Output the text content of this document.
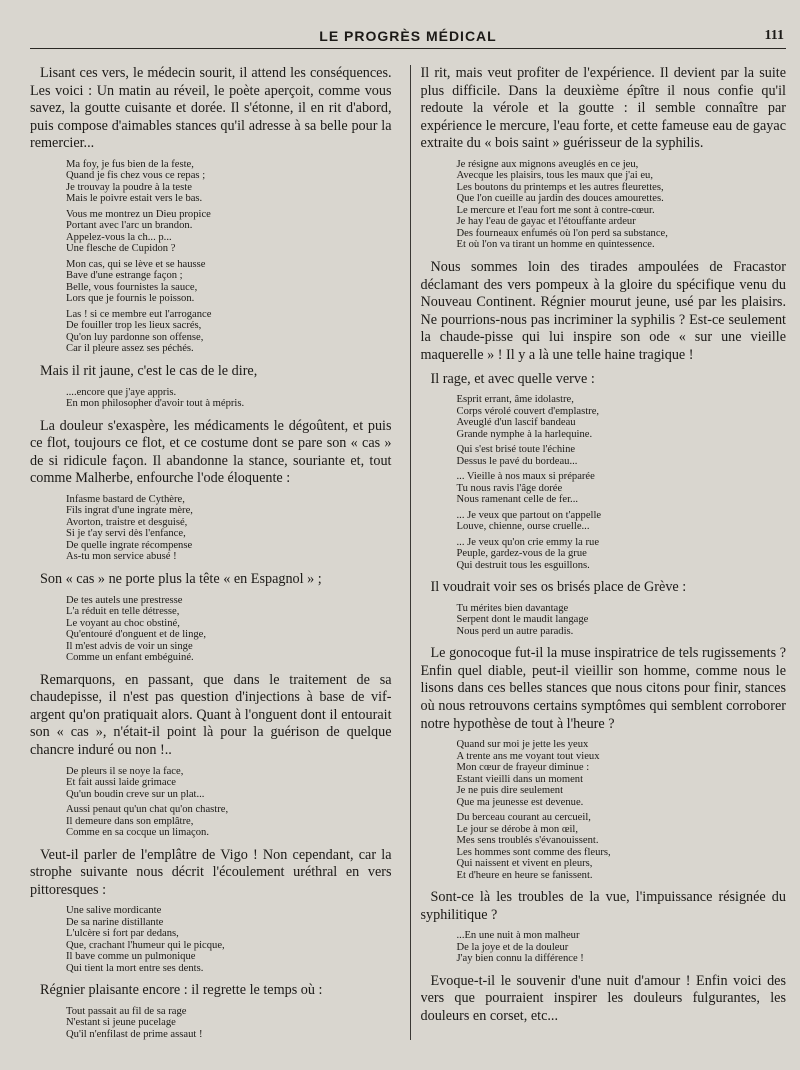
LE PROGRÈS MÉDICAL	111

Lisant ces vers, le médecin sourit, il attend les conséquences. Les voici : Un matin au réveil, le poète aperçoit, comme vous savez, la goutte cuisante et dorée. Il s'étonne, il en rit d'abord, puis compose d'aimables stances qu'il adresse à sa belle pour la remercier...

Ma foy, je fus bien de la feste,
Quand je fis chez vous ce repas ;
Je trouvay la poudre à la teste
Mais le poivre estait vers le bas.
Vous me montrez un Dieu propice
Portant avec l'arc un brandon.
Appelez-vous la ch... p...
Une flesche de Cupidon ?
Mon cas, qui se lève et se hausse
Bave d'une estrange façon ;
Belle, vous fournistes la sauce,
Lors que je fournis le poisson.
Las ! si ce membre eut l'arrogance
De fouiller trop les lieux sacrés,
Qu'on luy pardonne son offense,
Car il pleure assez ses péchés.

Mais il rit jaune, c'est le cas de le dire,

....encore que j'aye appris.
En mon philosopher d'avoir tout à mépris.

La douleur s'exaspère, les médicaments le dégoûtent, et puis ce flot, toujours ce flot, et ce costume dont se pare son « cas » de si ridicule façon. Il abandonne la stance, souriante et, tout comme Malherbe, enfourche l'ode éloquente :

Infasme bastard de Cythère,
Fils ingrat d'une ingrate mère,
Avorton, traistre et desguisé,
Si je t'ay servi dès l'enfance,
De quelle ingrate récompense
As-tu mon service abusé !

Son « cas » ne porte plus la tête « en Espagnol » ;

De tes autels une prestresse
L'a réduit en telle détresse,
Le voyant au choc obstiné,
Qu'entouré d'onguent et de linge,
Il m'est advis de voir un singe
Comme un enfant embéguiné.

Remarquons, en passant, que dans le traitement de sa chaudepisse, il n'est pas question d'injections à base de vif-argent qu'on pratiquait alors. Quant à l'onguent dont il entourait son « cas », n'était-il point là pour la guérison de quelque chancre induré ou non !..

De pleurs il se noye la face,
Et fait aussi laide grimace
Qu'un boudin creve sur un plat...
Aussi penaut qu'un chat qu'on chastre,
Il demeure dans son emplâtre,
Comme en sa cocque un limaçon.

Veut-il parler de l'emplâtre de Vigo ! Non cependant, car la strophe suivante nous décrit l'écoulement uréthral en vers pittoresques :

Une salive mordicante
De sa narine distillante
L'ulcère si fort par dedans,
Que, crachant l'humeur qui le picque,
Il bave comme un pulmonique
Qui tient la mort entre ses dents.

Régnier plaisante encore : il regrette le temps où :

Tout passait au fil de sa rage
N'estant si jeune pucelage
Qu'il n'enfilast de prime assaut !

Il rit, mais veut profiter de l'expérience. Il devient par la suite plus difficile. Dans la deuxième épître il nous confie qu'il redoute la vérole et la goutte : il semble connaître par expérience le mercure, l'eau forte, et cette fameuse eau de gayac extraite du « bois saint » guérisseur de la syphilis.

Je résigne aux mignons aveuglés en ce jeu,
Avecque les plaisirs, tous les maux que j'ai eu,
Les boutons du printemps et les autres fleurettes,
Que l'on cueille au jardin des douces amourettes.
Le mercure et l'eau fort me sont à contre-cœur.
Je hay l'eau de gayac et l'étouffante ardeur
Des fourneaux enfumés où l'on perd sa substance,
Et où l'on va tirant un homme en quintessence.

Nous sommes loin des tirades ampoulées de Fracastor déclamant des vers pompeux à la gloire du spécifique venu du Nouveau Continent. Régnier mourut jeune, usé par les plaisirs. Ne pourrions-nous pas incriminer la syphilis ? Est-ce seulement la chaude-pisse qui lui inspire son ode « sur une vieille maquerelle » ! Il y a là une telle haine tragique !

Il rage, et avec quelle verve :

Esprit errant, âme idolastre,
Corps vérolé couvert d'emplastre,
Aveuglé d'un lascif bandeau
Grande nymphe à la harlequine.
Qui s'est brisé toute l'échine
Dessus le pavé du bordeau...
... Vieille à nos maux si préparée
Tu nous ravis l'âge dorée
Nous ramenant celle de fer...
... Je veux que partout on t'appelle
Louve, chienne, ourse cruelle...
... Je veux qu'on crie emmy la rue
Peuple, gardez-vous de la grue
Qui destruit tous les esguillons.

Il voudrait voir ses os brisés place de Grève :

Tu mérites bien davantage
Serpent dont le maudit langage
Nous perd un autre paradis.

Le gonocoque fut-il la muse inspiratrice de tels rugissements ? Enfin quel diable, peut-il vieillir son homme, comme nous le lisons dans ces belles stances que nous citons pour finir, stances où nous retrouvons certains symptômes qui semblent corroborer notre hypothèse de tout à l'heure ?

Quand sur moi je jette les yeux
A trente ans me voyant tout vieux
Mon cœur de frayeur diminue :
Estant vieilli dans un moment
Je ne puis dire seulement
Que ma jeunesse est devenue.
Du berceau courant au cercueil,
Le jour se dérobe à mon œil,
Mes sens troublés s'évanouissent.
Les hommes sont comme des fleurs,
Qui naissent et vivent en pleurs,
Et d'heure en heure se fanissent.

Sont-ce là les troubles de la vue, l'impuissance résignée du syphilitique ?

...En une nuit à mon malheur
De la joye et de la douleur
J'ay bien connu la différence !

Evoque-t-il le souvenir d'une nuit d'amour ! Enfin voici des vers que pourraient inspirer les douleurs fulgurantes, les douleurs en corset, etc...
